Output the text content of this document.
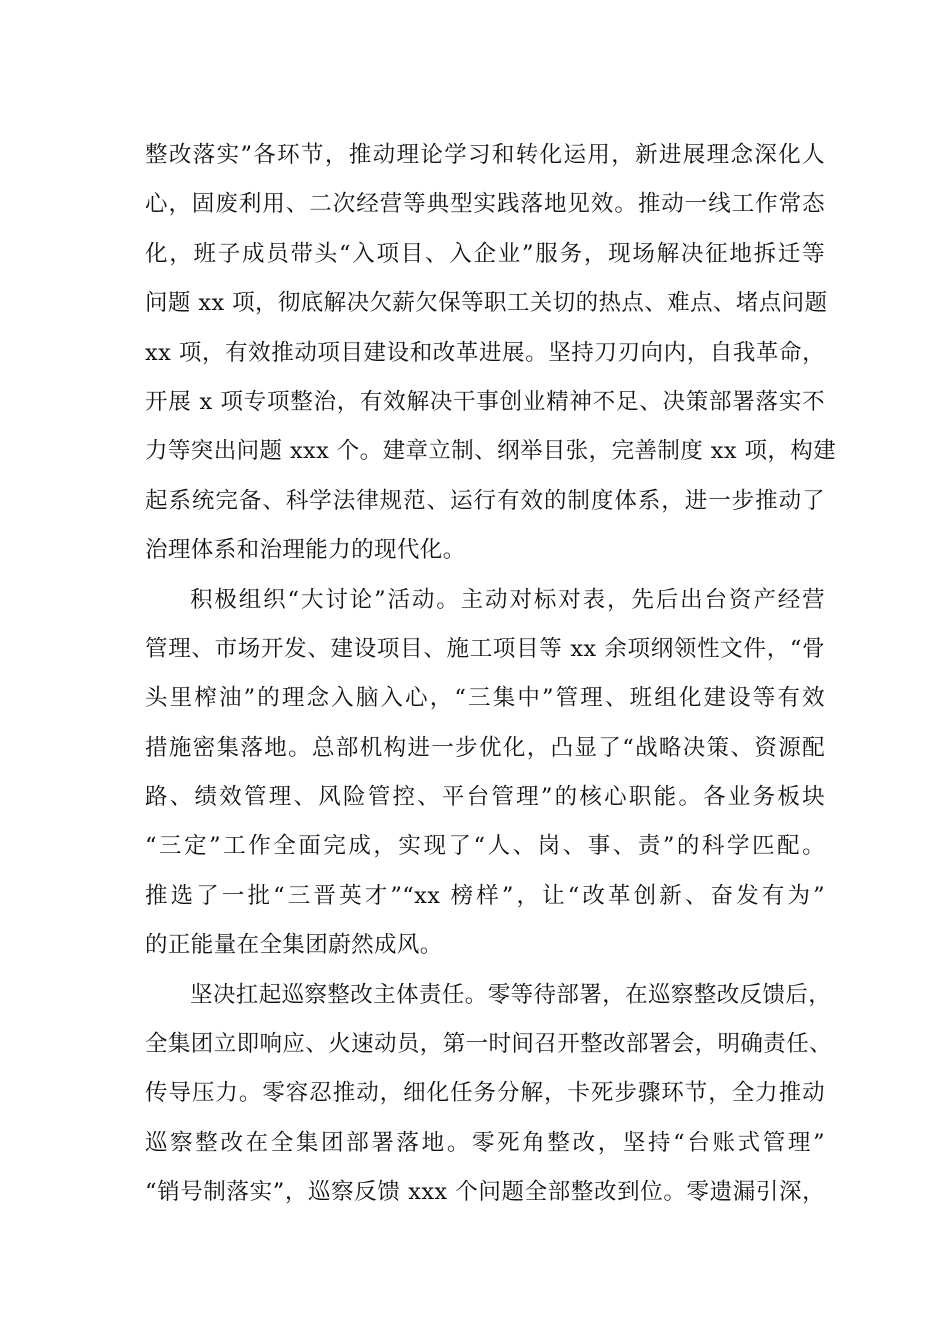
整改落实”各环节，推动理论学习和转化运用，新进展理念深化人
心，固废利用、二次经营等典型实践落地见效。推动一线工作常态
化，班子成员带头“入项目、入企业”服务，现场解决征地拆迁等
问题 xx 项，彻底解决欠薪欠保等职工关切的热点、难点、堵点问题
xx 项，有效推动项目建设和改革进展。坚持刀刃向内，自我革命，
开展 x 项专项整治，有效解决干事创业精神不足、决策部署落实不
力等突出问题 xxx 个。建章立制、纲举目张，完善制度 xx 项，构建
起系统完备、科学法律规范、运行有效的制度体系，进一步推动了
治理体系和治理能力的现代化。
积极组织“大讨论”活动。主动对标对表，先后出台资产经营
管理、市场开发、建设项目、施工项目等 xx 余项纲领性文件，“骨
头里榨油”的理念入脑入心，“三集中”管理、班组化建设等有效
措施密集落地。总部机构进一步优化，凸显了“战略决策、资源配
路、绩效管理、风险管控、平台管理”的核心职能。各业务板块
“三定”工作全面完成，实现了“人、岗、事、责”的科学匹配。
推选了一批“三晋英才”“xx 榜样”，让“改革创新、奋发有为”
的正能量在全集团蔚然成风。
坚决扛起巡察整改主体责任。零等待部署，在巡察整改反馈后，
全集团立即响应、火速动员，第一时间召开整改部署会，明确责任、
传导压力。零容忍推动，细化任务分解，卡死步骤环节，全力推动
巡察整改在全集团部署落地。零死角整改，坚持“台账式管理”
“销号制落实”，巡察反馈 xxx 个问题全部整改到位。零遗漏引深，
